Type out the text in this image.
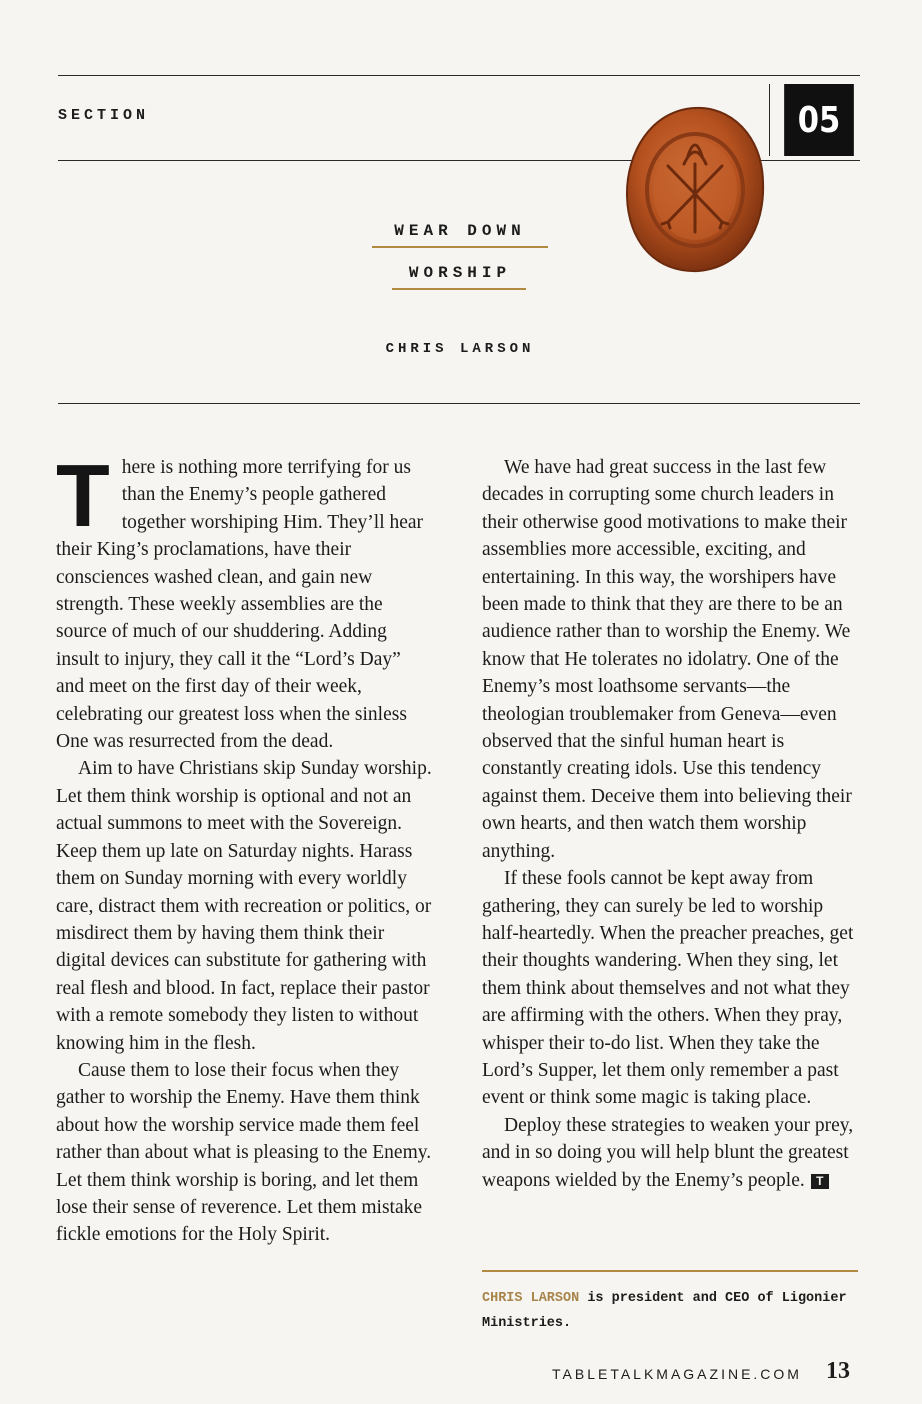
SECTION	05
WEAR DOWN
WORSHIP
CHRIS LARSON

There is nothing more terrifying for us than the Enemy’s people gathered together worshiping Him. They’ll hear their King’s proclamations, have their consciences washed clean, and gain new strength. These weekly assemblies are the source of much of our shuddering. Adding insult to injury, they call it the “Lord’s Day” and meet on the first day of their week, celebrating our greatest loss when the sinless One was resurrected from the dead.

Aim to have Christians skip Sunday worship. Let them think worship is optional and not an actual summons to meet with the Sovereign. Keep them up late on Saturday nights. Harass them on Sunday morning with every worldly care, distract them with recreation or politics, or misdirect them by having them think their digital devices can substitute for gathering with real flesh and blood. In fact, replace their pastor with a remote somebody they listen to without knowing him in the flesh.

Cause them to lose their focus when they gather to worship the Enemy. Have them think about how the worship service made them feel rather than about what is pleasing to the Enemy. Let them think worship is boring, and let them lose their sense of reverence. Let them mistake fickle emotions for the Holy Spirit.

We have had great success in the last few decades in corrupting some church leaders in their otherwise good motivations to make their assemblies more accessible, exciting, and entertaining. In this way, the worshipers have been made to think that they are there to be an audience rather than to worship the Enemy. We know that He tolerates no idolatry. One of the Enemy’s most loathsome servants—the theologian troublemaker from Geneva—even observed that the sinful human heart is constantly creating idols. Use this tendency against them. Deceive them into believing their own hearts, and then watch them worship anything.

If these fools cannot be kept away from gathering, they can surely be led to worship half-heartedly. When the preacher preaches, get their thoughts wandering. When they sing, let them think about themselves and not what they are affirming with the others. When they pray, whisper their to-do list. When they take the Lord’s Supper, let them only remember a past event or think some magic is taking place.

Deploy these strategies to weaken your prey, and in so doing you will help blunt the greatest weapons wielded by the Enemy’s people. T

CHRIS LARSON is president and CEO of Ligonier Ministries.
TABLETALKMAGAZINE.COM 13
